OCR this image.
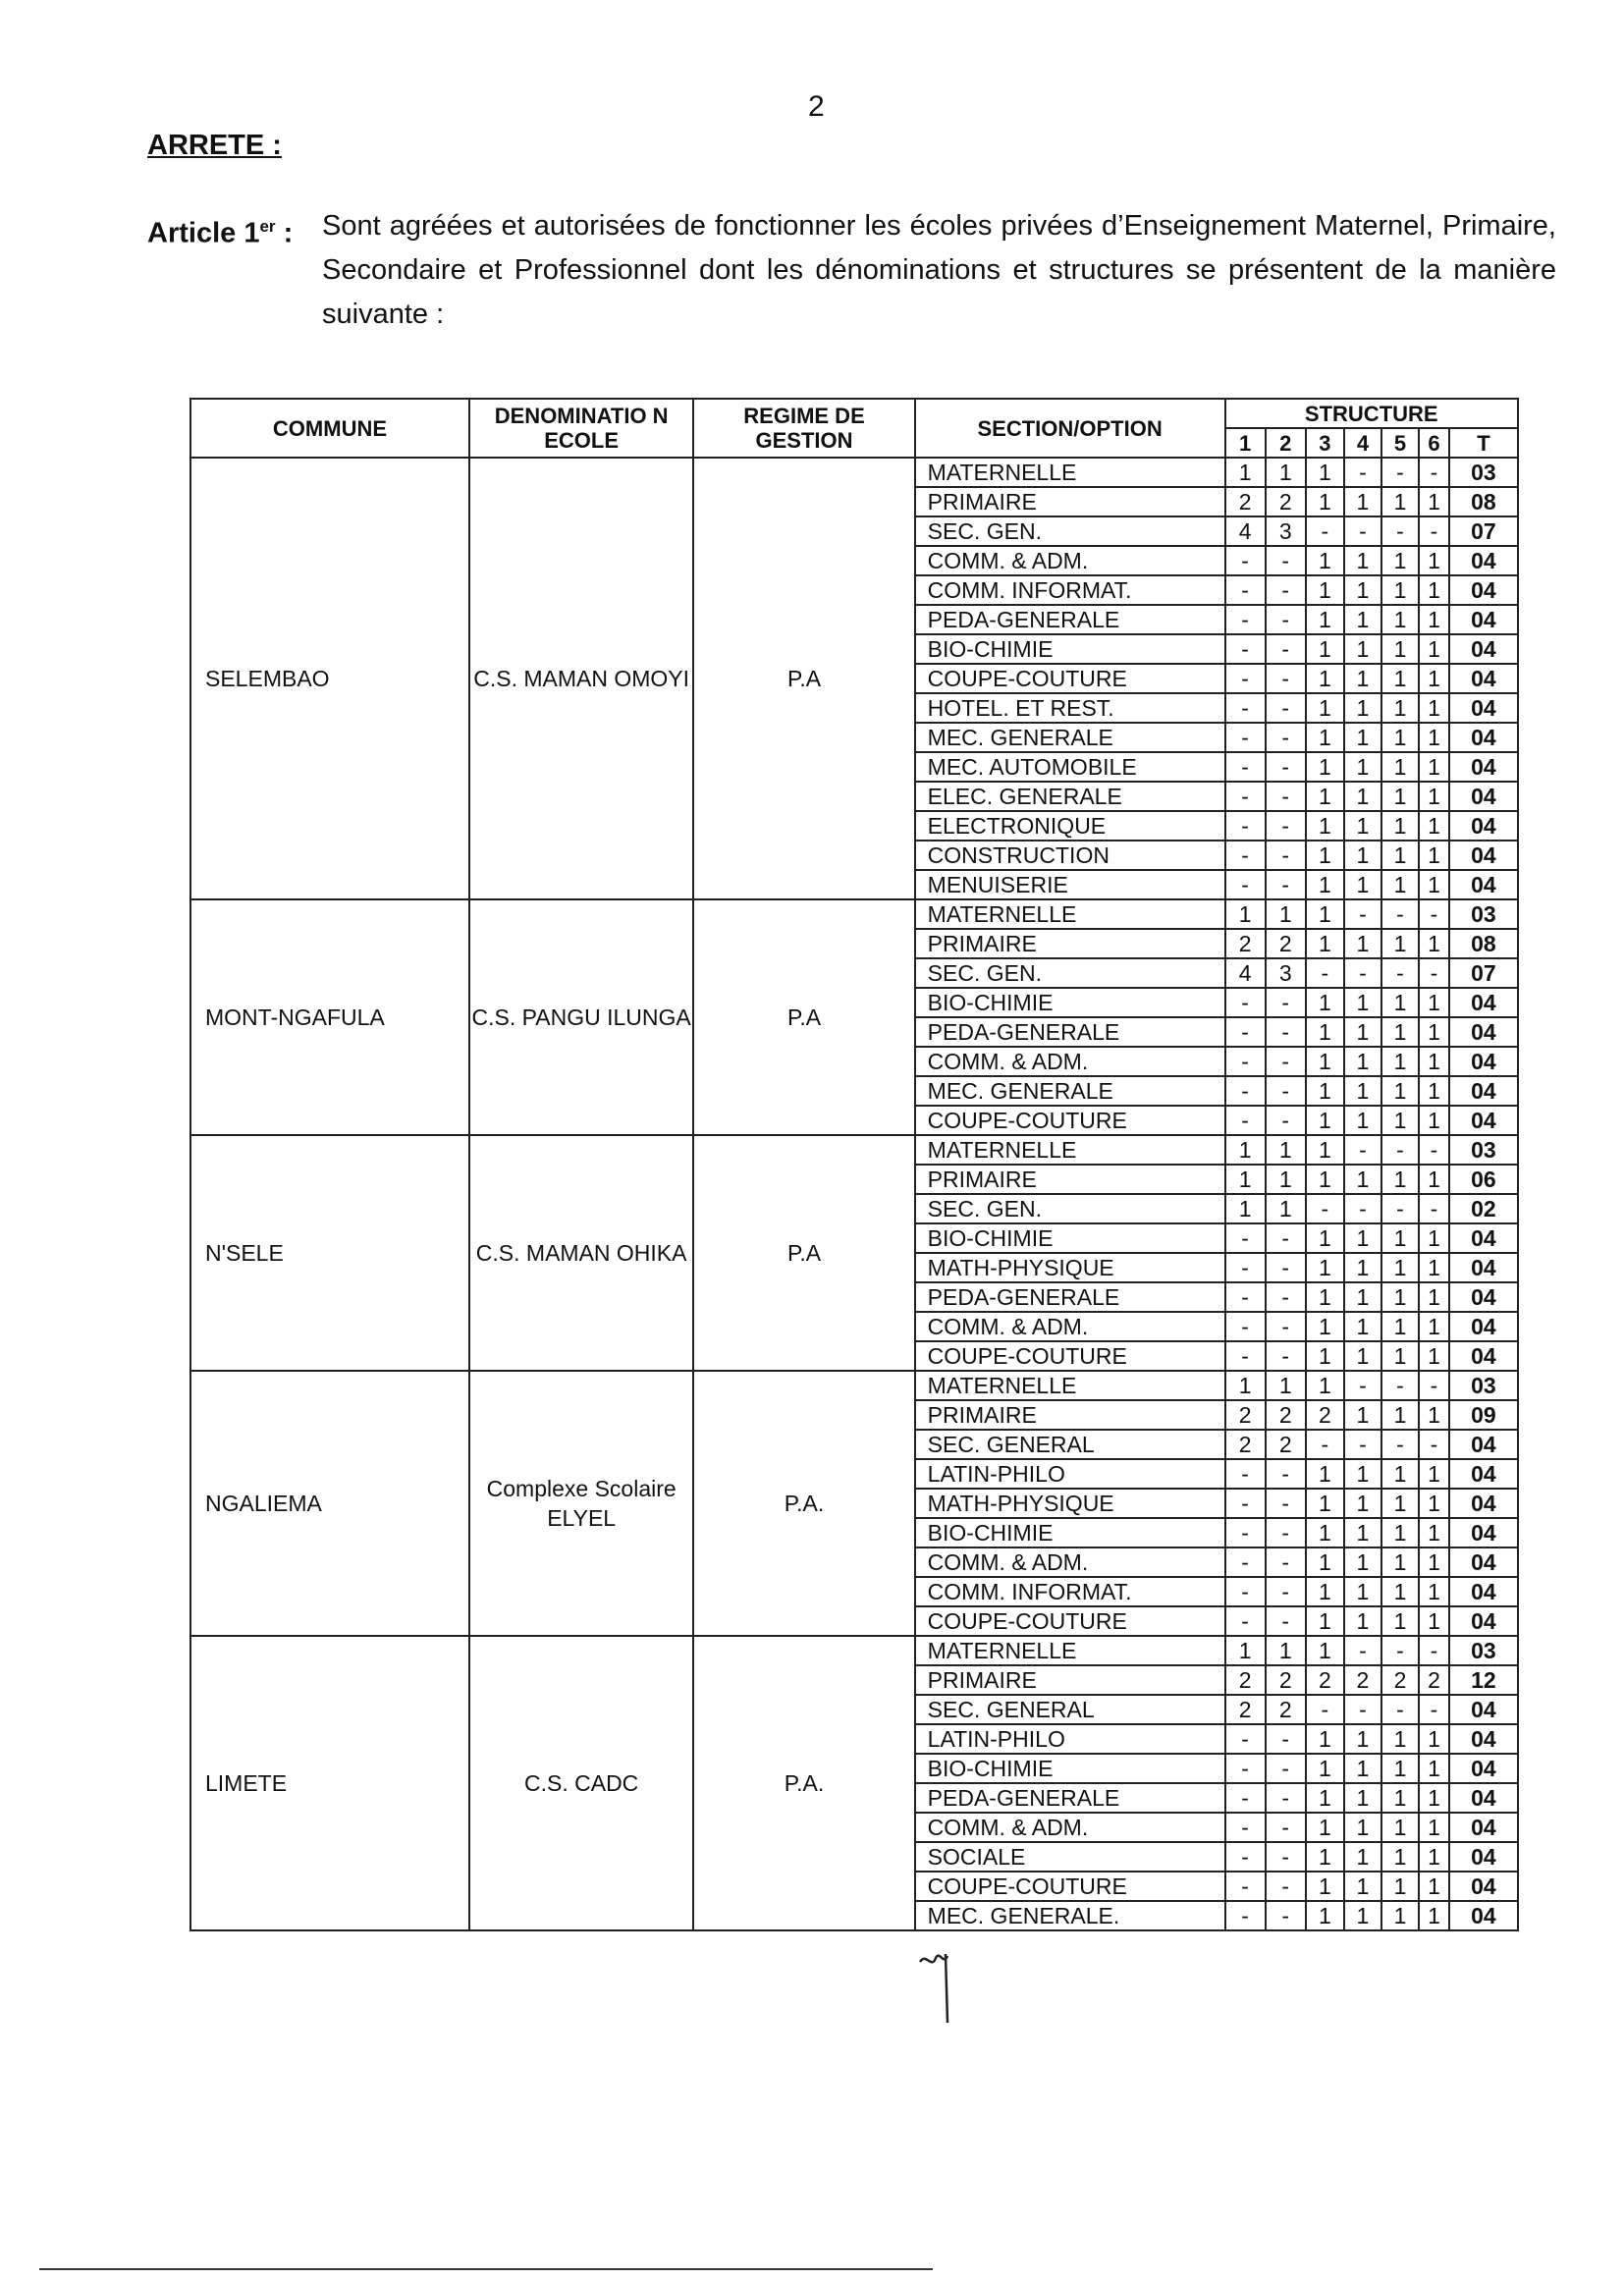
2
ARRETE :
Article 1er : Sont agréées et autorisées de fonctionner les écoles privées d’Enseignement Maternel, Primaire, Secondaire et Professionnel dont les dénominations et structures se présentent de la manière suivante :
COMMUNE	DENOMINATIO N ECOLE	REGIME DE GESTION	SECTION/OPTION	STRUCTURE						
				1	2	3	4	5	6	T
SELEMBAO	C.S. MAMAN OMOYI	P.A	MATERNELLE	1	1	1	-	-	-	03
			PRIMAIRE	2	2	1	1	1	1	08
			SEC. GEN.	4	3	-	-	-	-	07
			COMM. & ADM.	-	-	1	1	1	1	04
			COMM. INFORMAT.	-	-	1	1	1	1	04
			PEDA-GENERALE	-	-	1	1	1	1	04
			BIO-CHIMIE	-	-	1	1	1	1	04
			COUPE-COUTURE	-	-	1	1	1	1	04
			HOTEL. ET REST.	-	-	1	1	1	1	04
			MEC. GENERALE	-	-	1	1	1	1	04
			MEC. AUTOMOBILE	-	-	1	1	1	1	04
			ELEC. GENERALE	-	-	1	1	1	1	04
			ELECTRONIQUE	-	-	1	1	1	1	04
			CONSTRUCTION	-	-	1	1	1	1	04
			MENUISERIE	-	-	1	1	1	1	04
MONT-NGAFULA	C.S. PANGU ILUNGA	P.A	MATERNELLE	1	1	1	-	-	-	03
			PRIMAIRE	2	2	1	1	1	1	08
			SEC. GEN.	4	3	-	-	-	-	07
			BIO-CHIMIE	-	-	1	1	1	1	04
			PEDA-GENERALE	-	-	1	1	1	1	04
			COMM. & ADM.	-	-	1	1	1	1	04
			MEC. GENERALE	-	-	1	1	1	1	04
			COUPE-COUTURE	-	-	1	1	1	1	04
N'SELE	C.S. MAMAN OHIKA	P.A	MATERNELLE	1	1	1	-	-	-	03
			PRIMAIRE	1	1	1	1	1	1	06
			SEC. GEN.	1	1	-	-	-	-	02
			BIO-CHIMIE	-	-	1	1	1	1	04
			MATH-PHYSIQUE	-	-	1	1	1	1	04
			PEDA-GENERALE	-	-	1	1	1	1	04
			COMM. & ADM.	-	-	1	1	1	1	04
			COUPE-COUTURE	-	-	1	1	1	1	04
NGALIEMA	Complexe Scolaire ELYEL	P.A.	MATERNELLE	1	1	1	-	-	-	03
			PRIMAIRE	2	2	2	1	1	1	09
			SEC. GENERAL	2	2	-	-	-	-	04
			LATIN-PHILO	-	-	1	1	1	1	04
			MATH-PHYSIQUE	-	-	1	1	1	1	04
			BIO-CHIMIE	-	-	1	1	1	1	04
			COMM. & ADM.	-	-	1	1	1	1	04
			COMM. INFORMAT.	-	-	1	1	1	1	04
			COUPE-COUTURE	-	-	1	1	1	1	04
LIMETE	C.S. CADC	P.A.	MATERNELLE	1	1	1	-	-	-	03
			PRIMAIRE	2	2	2	2	2	2	12
			SEC. GENERAL	2	2	-	-	-	-	04
			LATIN-PHILO	-	-	1	1	1	1	04
			BIO-CHIMIE	-	-	1	1	1	1	04
			PEDA-GENERALE	-	-	1	1	1	1	04
			COMM. & ADM.	-	-	1	1	1	1	04
			SOCIALE	-	-	1	1	1	1	04
			COUPE-COUTURE	-	-	1	1	1	1	04
			MEC. GENERALE.	-	-	1	1	1	1	04
